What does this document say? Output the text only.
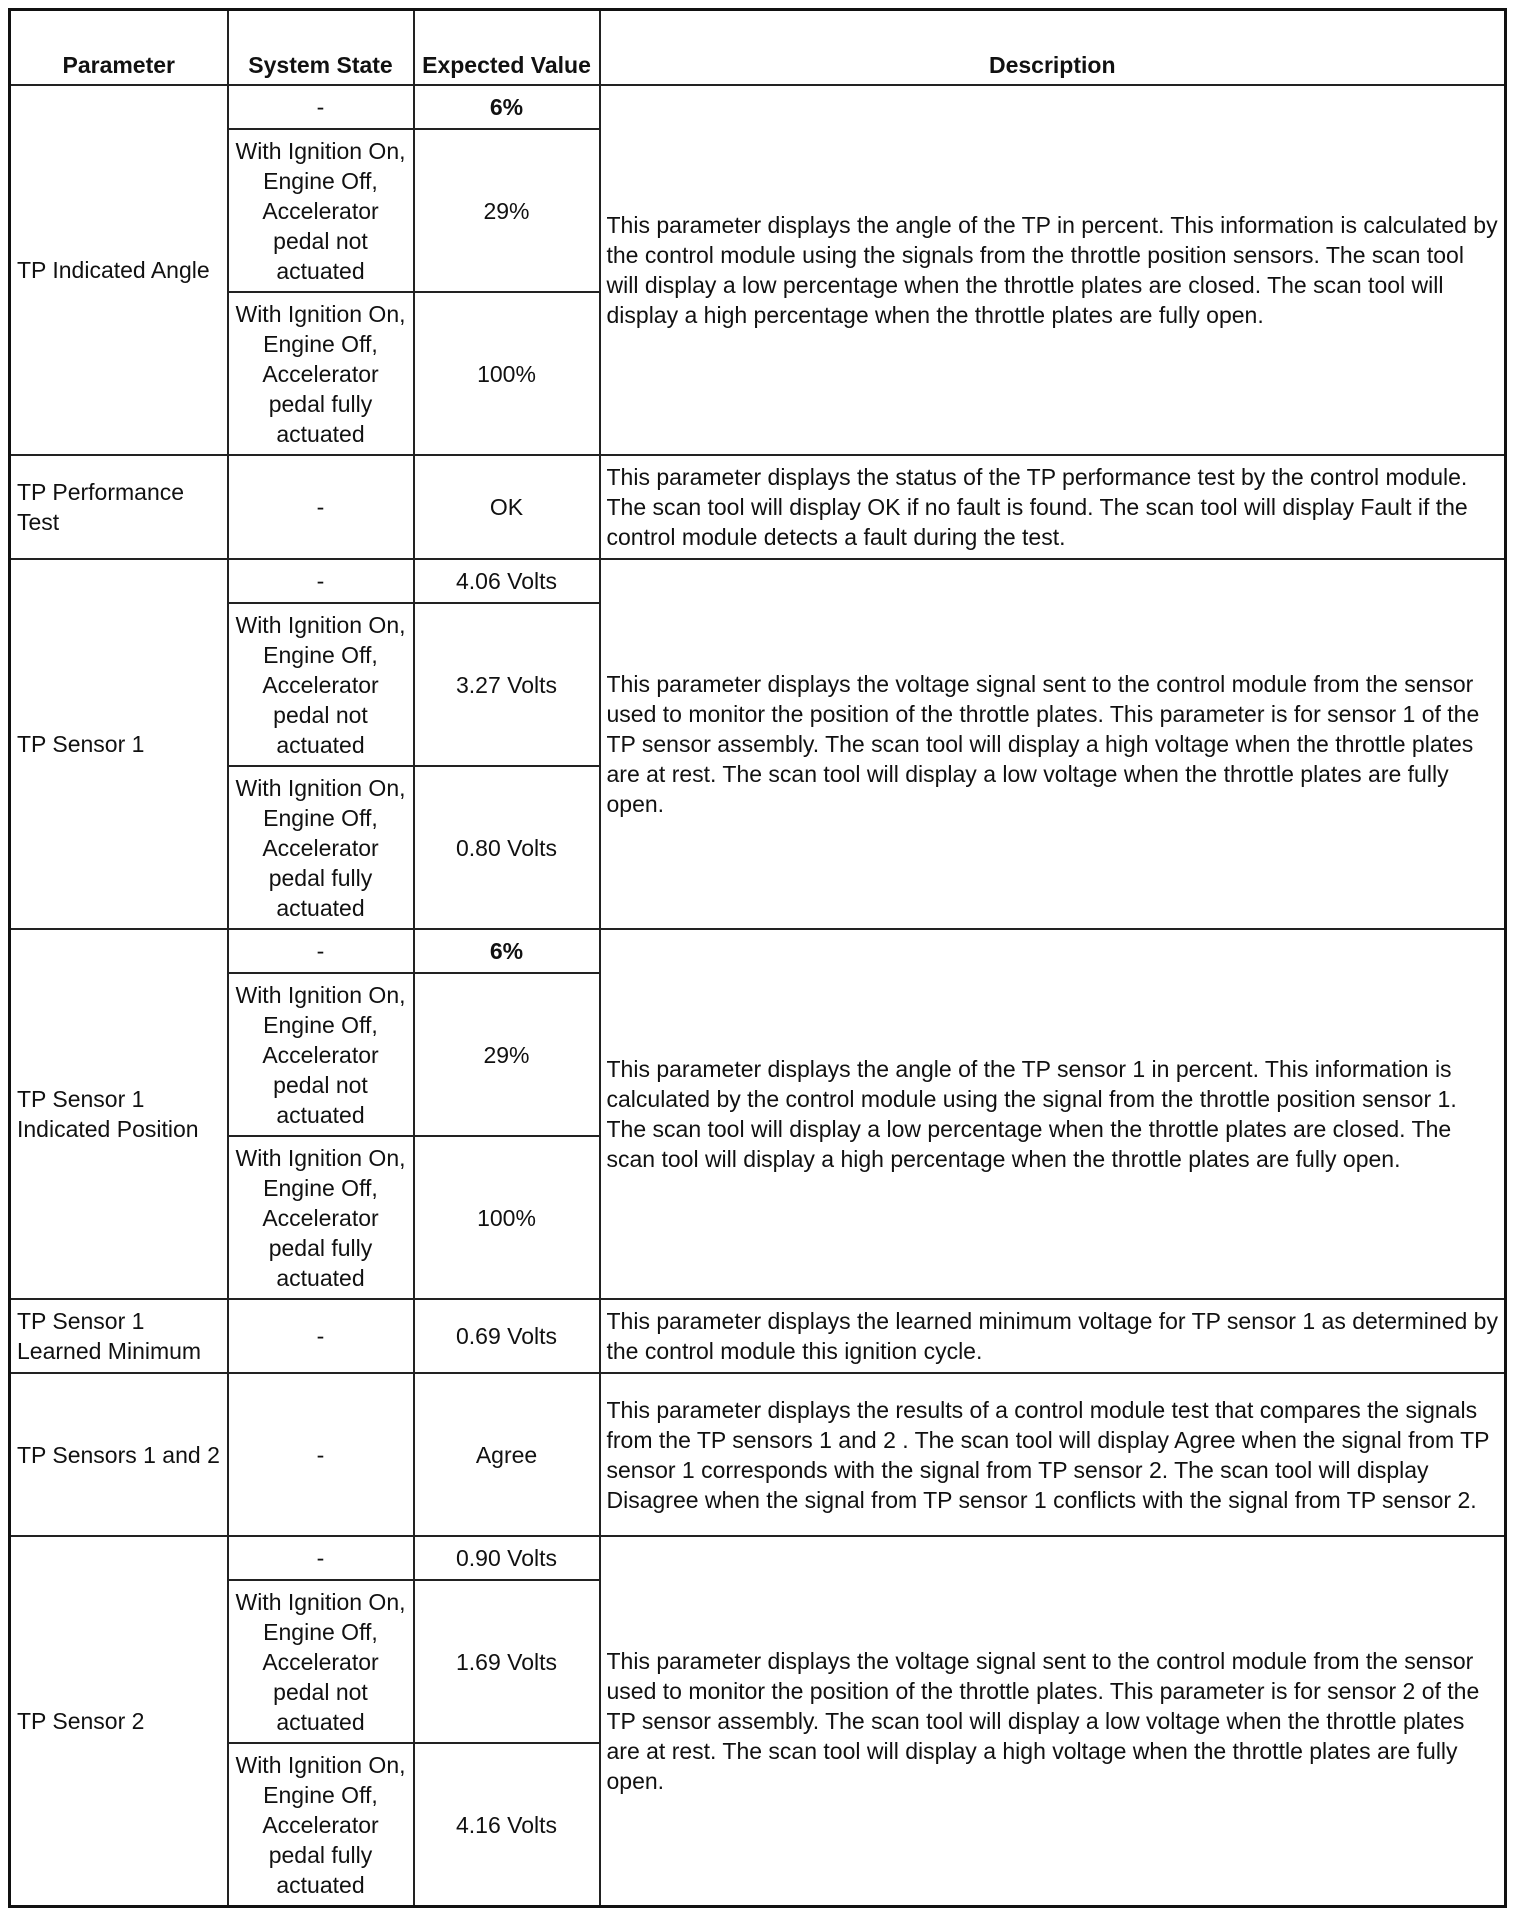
Parameter	System State	Expected Value	Description
TP Indicated Angle	-	6%	This parameter displays the angle of the TP in percent. This information is calculated by the control module using the signals from the throttle position sensors. The scan tool will display a low percentage when the throttle plates are closed. The scan tool will display a high percentage when the throttle plates are fully open.
	With Ignition On, Engine Off, Accelerator pedal not actuated	29%	
	With Ignition On, Engine Off, Accelerator pedal fully actuated	100%	
TP Performance Test	-	OK	This parameter displays the status of the TP performance test by the control module. The scan tool will display OK if no fault is found. The scan tool will display Fault if the control module detects a fault during the test.
TP Sensor 1	-	4.06 Volts	This parameter displays the voltage signal sent to the control module from the sensor used to monitor the position of the throttle plates. This parameter is for sensor 1 of the TP sensor assembly. The scan tool will display a high voltage when the throttle plates are at rest. The scan tool will display a low voltage when the throttle plates are fully open.
	With Ignition On, Engine Off, Accelerator pedal not actuated	3.27 Volts	
	With Ignition On, Engine Off, Accelerator pedal fully actuated	0.80 Volts	
TP Sensor 1 Indicated Position	-	6%	This parameter displays the angle of the TP sensor 1 in percent. This information is calculated by the control module using the signal from the throttle position sensor 1. The scan tool will display a low percentage when the throttle plates are closed. The scan tool will display a high percentage when the throttle plates are fully open.
	With Ignition On, Engine Off, Accelerator pedal not actuated	29%	
	With Ignition On, Engine Off, Accelerator pedal fully actuated	100%	
TP Sensor 1 Learned Minimum	-	0.69 Volts	This parameter displays the learned minimum voltage for TP sensor 1 as determined by the control module this ignition cycle.
TP Sensors 1 and 2	-	Agree	This parameter displays the results of a control module test that compares the signals from the TP sensors 1 and 2 . The scan tool will display Agree when the signal from TP sensor 1 corresponds with the signal from TP sensor 2. The scan tool will display Disagree when the signal from TP sensor 1 conflicts with the signal from TP sensor 2.
TP Sensor 2	-	0.90 Volts	This parameter displays the voltage signal sent to the control module from the sensor used to monitor the position of the throttle plates. This parameter is for sensor 2 of the TP sensor assembly. The scan tool will display a low voltage when the throttle plates are at rest. The scan tool will display a high voltage when the throttle plates are fully open.
	With Ignition On, Engine Off, Accelerator pedal not actuated	1.69 Volts	
	With Ignition On, Engine Off, Accelerator pedal fully actuated	4.16 Volts	
